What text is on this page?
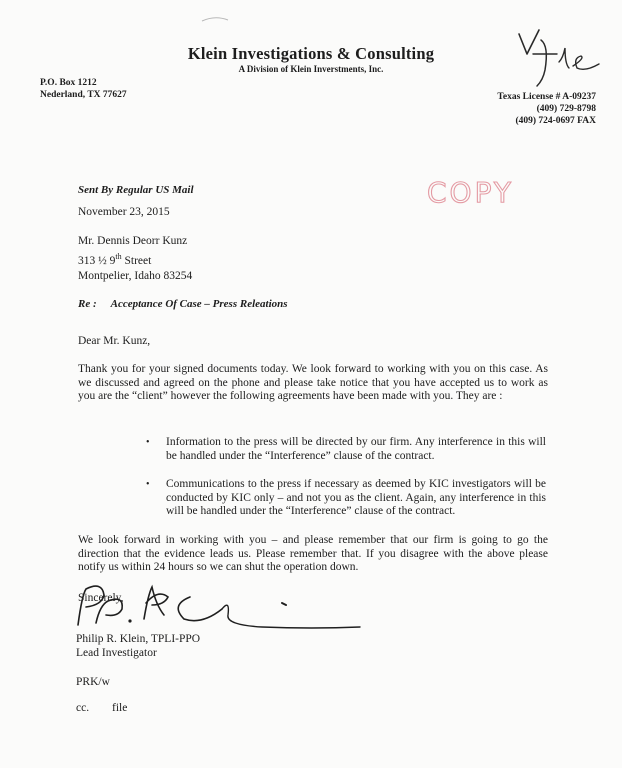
Klein Investigations & Consulting
A Division of Klein Inverstments, Inc.
P.O. Box 1212
Nederland, TX 77627	Texas License # A-09237
(409) 729-8798
(409) 724-0697 FAX
File
COPY
Sent By Regular US Mail
November 23, 2015
Mr. Dennis Deorr Kunz
313 ½ 9th Street
Montpelier, Idaho 83254
Re : Acceptance Of Case – Press Releations
Dear Mr. Kunz,
Thank you for your signed documents today. We look forward to working with you on this case. As we discussed and agreed on the phone and please take notice that you have accepted us to work as you are the “client” however the following agreements have been made with you. They are :
• Information to the press will be directed by our firm. Any interference in this will be handled under the “Interference” clause of the contract.
• Communications to the press if necessary as deemed by KIC investigators will be conducted by KIC only – and not you as the client. Again, any interference in this will be handled under the “Interference” clause of the contract.
We look forward in working with you – and please remember that our firm is going to go the direction that the evidence leads us. Please remember that. If you disagree with the above please notify us within 24 hours so we can shut the operation down.
Sincerely,
Philip R. Klein, TPLI-PPO
Lead Investigator
PRK/w
cc. file
